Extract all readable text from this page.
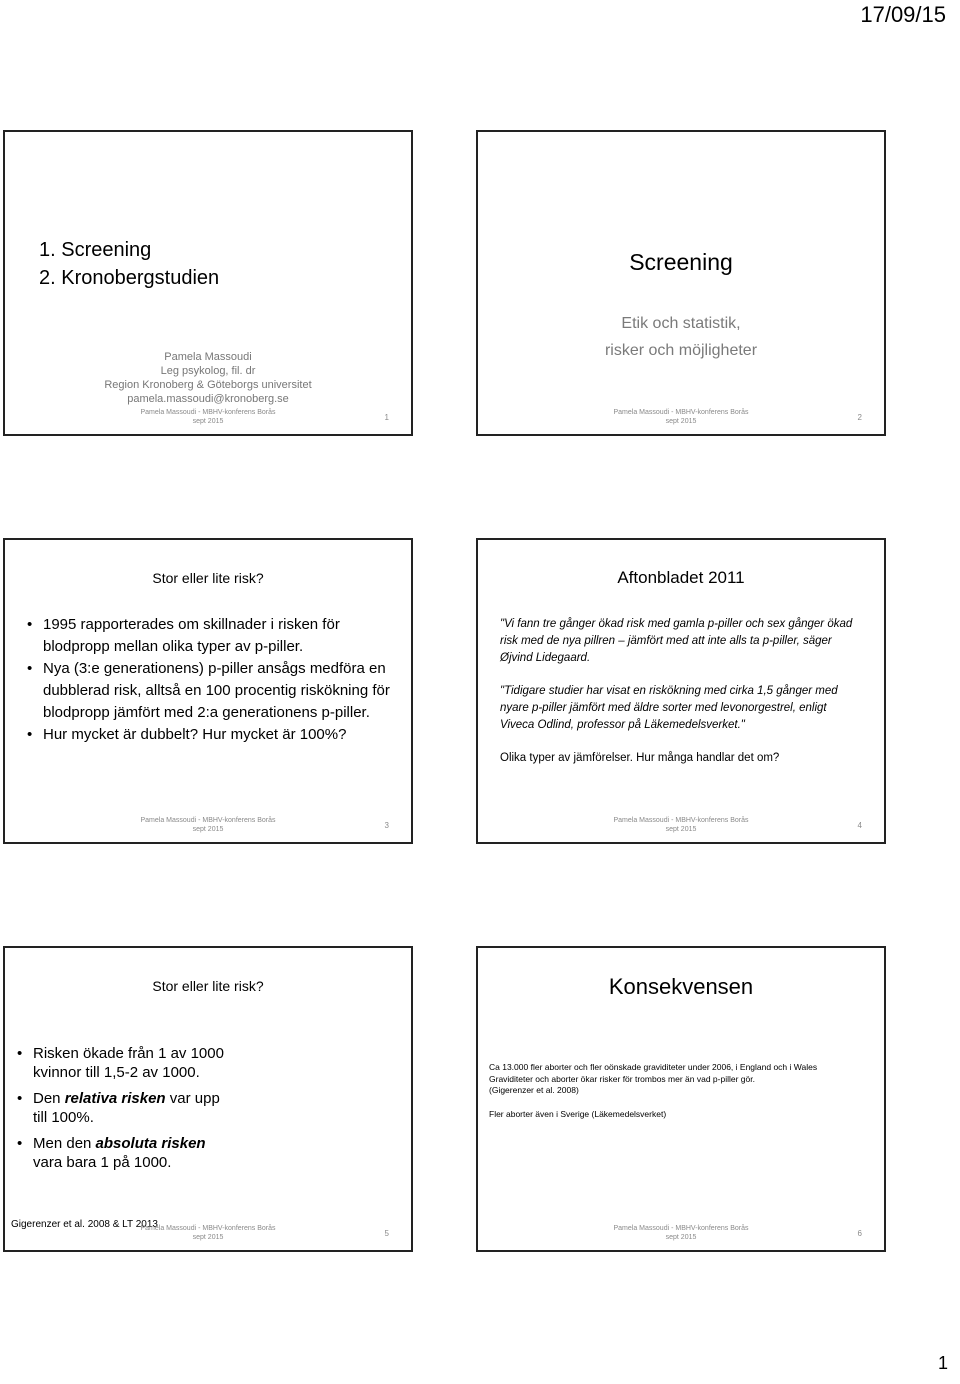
17/09/15
1. Screening
2. Kronobergstudien
Pamela Massoudi
Leg psykolog, fil. dr
Region Kronoberg & Göteborgs universitet
pamela.massoudi@kronoberg.se
Pamela Massoudi - MBHV-konferens Borås
sept 2015	1
Screening
Etik och statistik,
risker och möjligheter
Pamela Massoudi - MBHV-konferens Borås
sept 2015	2
Stor eller lite risk?
• 1995 rapporterades om skillnader i risken för blodpropp mellan olika typer av p-piller.
• Nya (3:e generationens) p-piller ansågs medföra en dubblerad risk, alltså en 100 procentig riskökning för blodpropp jämfört med 2:a generationens p-piller.
• Hur mycket är dubbelt? Hur mycket är 100%?
Pamela Massoudi - MBHV-konferens Borås
sept 2015	3
Aftonbladet 2011

"Vi fann tre gånger ökad risk med gamla p-piller och sex gånger ökad risk med de nya pillren – jämfört med att inte alls ta p-piller, säger Øjvind Lidegaard.

"Tidigare studier har visat en riskökning med cirka 1,5 gånger med nyare p-piller jämfört med äldre sorter med levonorgestrel, enligt Viveca Odlind, professor på Läkemedelsverket."

Olika typer av jämförelser. Hur många handlar det om?

Pamela Massoudi - MBHV-konferens Borås
sept 2015	4
Stor eller lite risk?
• Risken ökade från 1 av 1000 kvinnor till 1,5-2 av 1000.
• Den relativa risken var upp till 100%.
• Men den absoluta risken vara bara 1 på 1000.
Gigerenzer et al. 2008 & LT 2013
Pamela Massoudi - MBHV-konferens Borås
sept 2015	5
Konsekvensen

Ca 13.000 fler aborter och fler oönskade graviditeter under 2006, i England och i Wales
Graviditeter och aborter ökar risker för trombos mer än vad p-piller gör.
(Gigerenzer et al. 2008)

Fler aborter även i Sverige (Läkemedelsverket)

Pamela Massoudi - MBHV-konferens Borås
sept 2015	6
1
